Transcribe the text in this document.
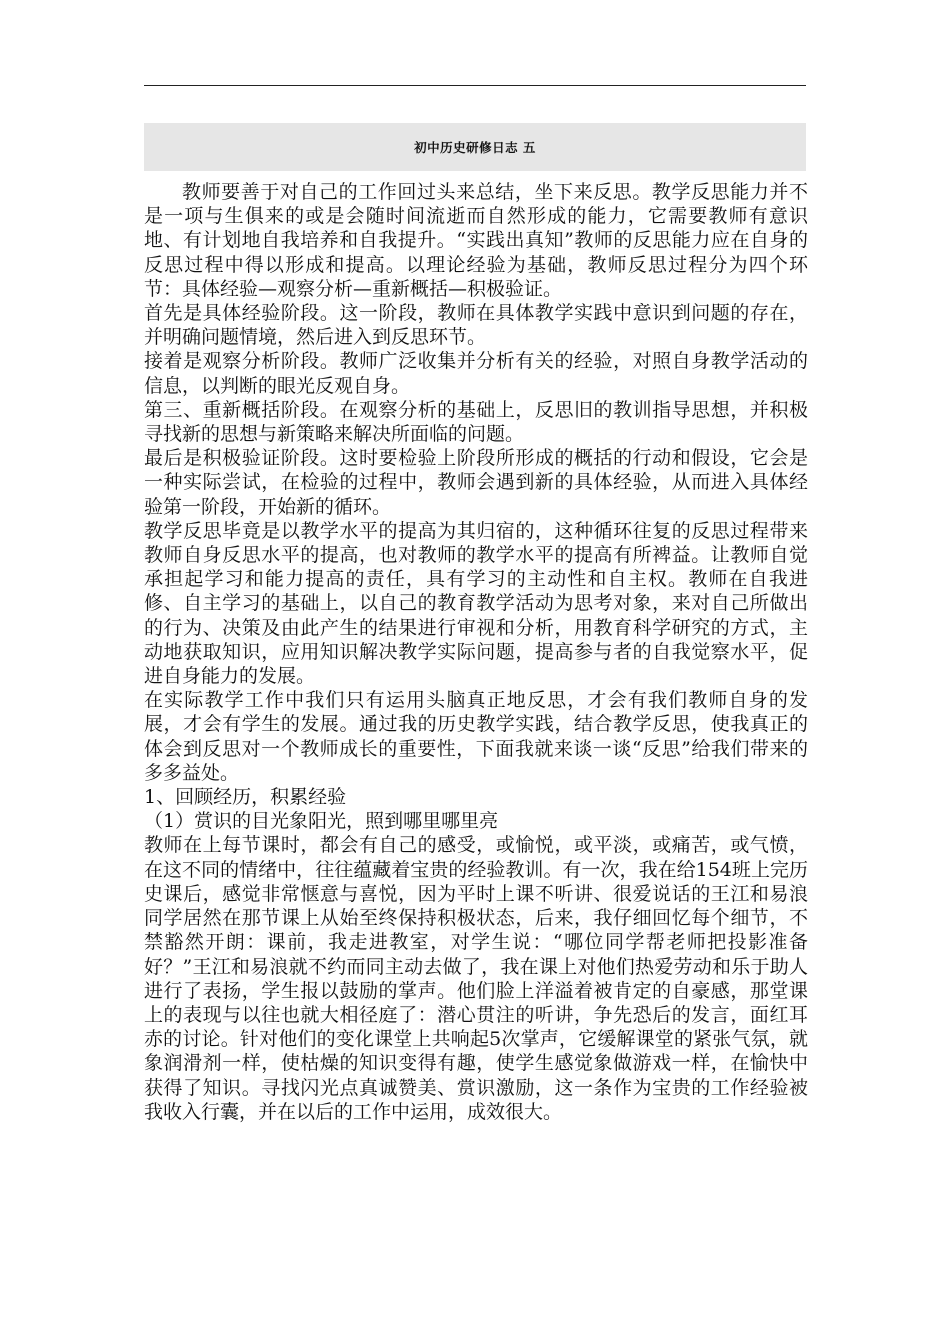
初中历史研修日志 五

教师要善于对自己的工作回过头来总结，坐下来反思。教学反思能力并不是一项与生俱来的或是会随时间流逝而自然形成的能力，它需要教师有意识地、有计划地自我培养和自我提升。“实践出真知”教师的反思能力应在自身的反思过程中得以形成和提高。以理论经验为基础，教师反思过程分为四个环节：具体经验—观察分析—重新概括—积极验证。

首先是具体经验阶段。这一阶段，教师在具体教学实践中意识到问题的存在，并明确问题情境，然后进入到反思环节。

接着是观察分析阶段。教师广泛收集并分析有关的经验，对照自身教学活动的信息，以判断的眼光反观自身。

第三、重新概括阶段。在观察分析的基础上，反思旧的教训指导思想，并积极寻找新的思想与新策略来解决所面临的问题。

最后是积极验证阶段。这时要检验上阶段所形成的概括的行动和假设，它会是一种实际尝试，在检验的过程中，教师会遇到新的具体经验，从而进入具体经验第一阶段，开始新的循环。

教学反思毕竟是以教学水平的提高为其归宿的，这种循环往复的反思过程带来教师自身反思水平的提高，也对教师的教学水平的提高有所裨益。让教师自觉承担起学习和能力提高的责任，具有学习的主动性和自主权。教师在自我进修、自主学习的基础上，以自己的教育教学活动为思考对象，来对自己所做出的行为、决策及由此产生的结果进行审视和分析，用教育科学研究的方式，主动地获取知识，应用知识解决教学实际问题，提高参与者的自我觉察水平，促进自身能力的发展。

在实际教学工作中我们只有运用头脑真正地反思，才会有我们教师自身的发展，才会有学生的发展。通过我的历史教学实践，结合教学反思，使我真正的体会到反思对一个教师成长的重要性，下面我就来谈一谈“反思”给我们带来的多多益处。

1、回顾经历，积累经验

（1）赏识的目光象阳光，照到哪里哪里亮

教师在上每节课时，都会有自己的感受，或愉悦，或平淡，或痛苦，或气愤，在这不同的情绪中，往往蕴藏着宝贵的经验教训。有一次，我在给154班上完历史课后，感觉非常惬意与喜悦，因为平时上课不听讲、很爱说话的王江和易浪同学居然在那节课上从始至终保持积极状态，后来，我仔细回忆每个细节，不禁豁然开朗：课前，我走进教室，对学生说：“哪位同学帮老师把投影准备好？”王江和易浪就不约而同主动去做了，我在课上对他们热爱劳动和乐于助人进行了表扬，学生报以鼓励的掌声。他们脸上洋溢着被肯定的自豪感，那堂课上的表现与以往也就大相径庭了：潜心贯注的听讲，争先恐后的发言，面红耳赤的讨论。针对他们的变化课堂上共响起5次掌声，它缓解课堂的紧张气氛，就象润滑剂一样，使枯燥的知识变得有趣，使学生感觉象做游戏一样，在愉快中获得了知识。寻找闪光点真诚赞美、赏识激励，这一条作为宝贵的工作经验被我收入行囊，并在以后的工作中运用，成效很大。
